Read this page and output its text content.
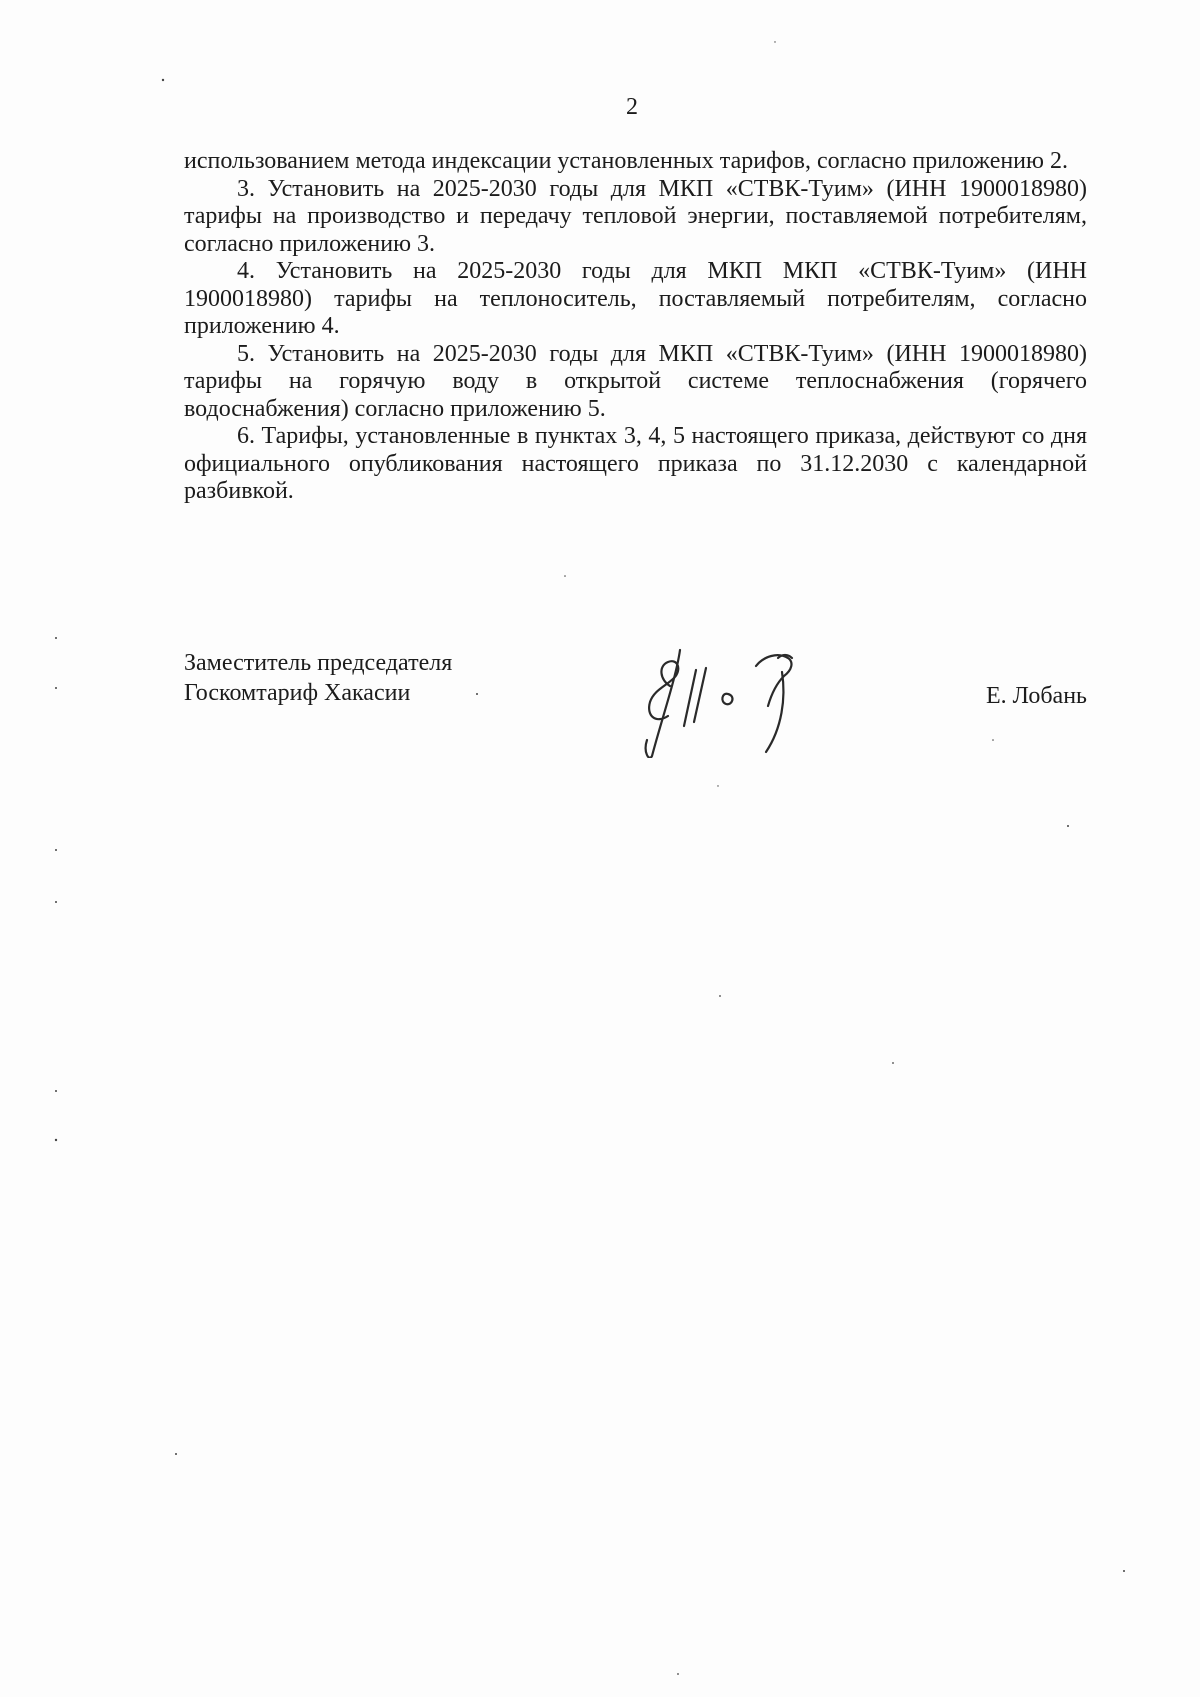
2

использованием метода индексации установленных тарифов, согласно приложению 2.

3. Установить на 2025-2030 годы для МКП «СТВК-Туим» (ИНН 1900018980) тарифы на производство и передачу тепловой энергии, поставляемой потребителям, согласно приложению 3.

4. Установить на 2025-2030 годы для МКП МКП «СТВК-Туим» (ИНН 1900018980) тарифы на теплоноситель, поставляемый потребителям, согласно приложению 4.

5. Установить на 2025-2030 годы для МКП «СТВК-Туим» (ИНН 1900018980) тарифы на горячую воду в открытой системе теплоснабжения (горячего водоснабжения) согласно приложению 5.

6. Тарифы, установленные в пунктах 3, 4, 5 настоящего приказа, действуют со дня официального опубликования настоящего приказа по 31.12.2030 с календарной разбивкой.

Заместитель председателя
Госкомтариф Хакасии	Е. Лобань
